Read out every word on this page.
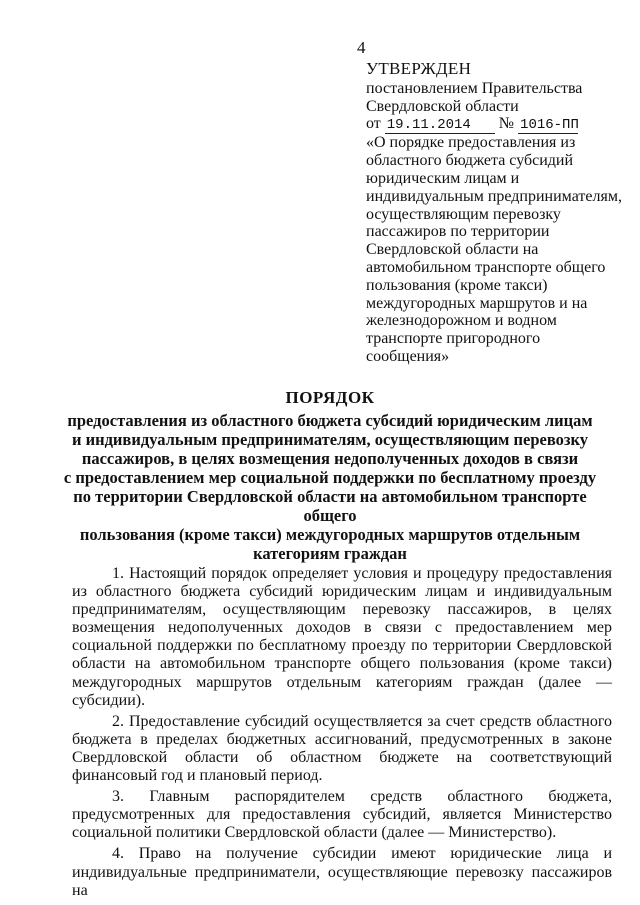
4
УТВЕРЖДЕН
постановлением Правительства
Свердловской области
от 19.11.2014 № 1016-ПП
«О порядке предоставления из
областного бюджета субсидий
юридическим лицам и
индивидуальным предпринимателям,
осуществляющим перевозку
пассажиров по территории
Свердловской области на
автомобильном транспорте общего
пользования (кроме такси)
междугородных маршрутов и на
железнодорожном и водном
транспорте пригородного
сообщения»
ПОРЯДОК
предоставления из областного бюджета субсидий юридическим лицам
и индивидуальным предпринимателям, осуществляющим перевозку
пассажиров, в целях возмещения недополученных доходов в связи
с предоставлением мер социальной поддержки по бесплатному проезду
по территории Свердловской области на автомобильном транспорте общего
пользования (кроме такси) междугородных маршрутов отдельным
категориям граждан

1. Настоящий порядок определяет условия и процедуру предоставления из областного бюджета субсидий юридическим лицам и индивидуальным предпринимателям, осуществляющим перевозку пассажиров, в целях возмещения недополученных доходов в связи с предоставлением мер социальной поддержки по бесплатному проезду по территории Свердловской области на автомобильном транспорте общего пользования (кроме такси) междугородных маршрутов отдельным категориям граждан (далее — субсидии).

2. Предоставление субсидий осуществляется за счет средств областного бюджета в пределах бюджетных ассигнований, предусмотренных в законе Свердловской области об областном бюджете на соответствующий финансовый год и плановый период.

3. Главным распорядителем средств областного бюджета, предусмотренных для предоставления субсидий, является Министерство социальной политики Свердловской области (далее — Министерство).

4. Право на получение субсидии имеют юридические лица и индивидуальные предприниматели, осуществляющие перевозку пассажиров на
